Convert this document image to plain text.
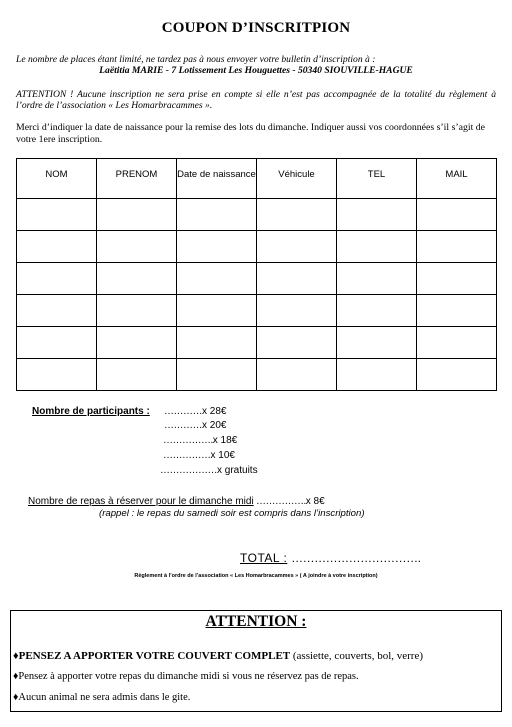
COUPON D’INSCRITPION
Le nombre de places étant limité, ne tardez pas à nous envoyer votre bulletin d’inscription à :
Laëtitia MARIE - 7 Lotissement Les Houguettes - 50340 SIOUVILLE-HAGUE
ATTENTION ! Aucune inscription ne sera prise en compte si elle n’est pas accompagnée de la totalité du règlement à l’ordre de l’association « Les Homarbracammes ».
Merci d’indiquer la date de naissance pour la remise des lots du dimanche. Indiquer aussi vos coordonnées s’il s’agit de votre 1ere inscription.
NOM	PRENOM	Date de naissance	Véhicule	TEL	MAIL

Nombre de participants : …………x 28€
…………x 20€
…………….x 18€
……………x 10€
………………x gratuits
Nombre de repas à réserver pour le dimanche midi …………….x 8€
(rappel : le repas du samedi soir est compris dans l’inscription)
TOTAL : …………………………….
Règlement à l’ordre de l’association « Les Homarbracammes » ( A joindre à votre inscription)
ATTENTION :
♦PENSEZ A APPORTER VOTRE COUVERT COMPLET (assiette, couverts, bol, verre)
♦Pensez à apporter votre repas du dimanche midi si vous ne réservez pas de repas.
♦Aucun animal ne sera admis dans le gite.
